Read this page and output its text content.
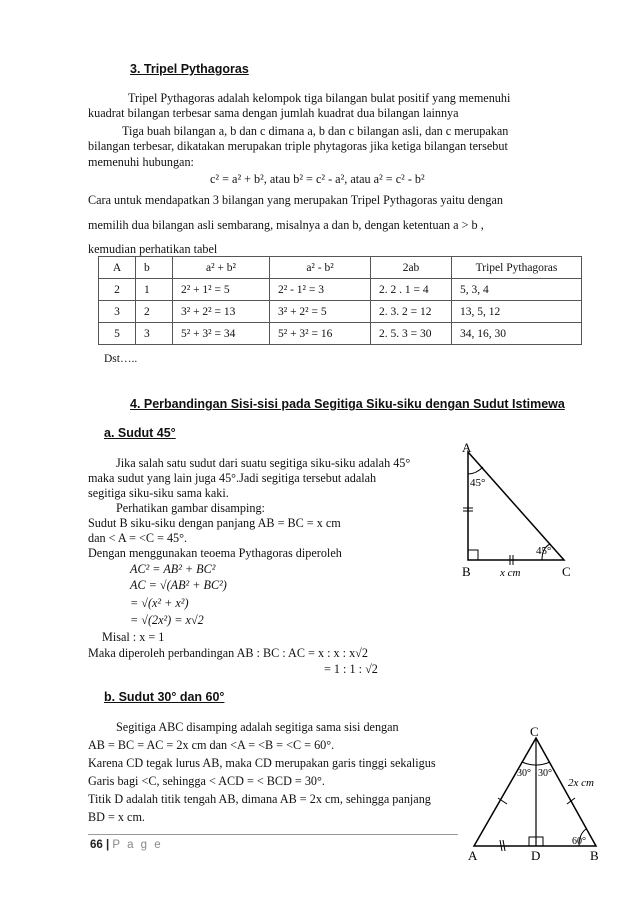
3. Tripel Pythagoras
Tripel Pythagoras adalah kelompok tiga bilangan bulat positif yang memenuhi
kuadrat bilangan terbesar sama dengan jumlah kuadrat dua bilangan lainnya
Tiga buah bilangan a, b dan c dimana a, b dan c bilangan asli, dan c merupakan
bilangan terbesar, dikatakan merupakan triple phytagoras jika ketiga bilangan tersebut
memenuhi hubungan:
c² = a² + b², atau b² = c² - a², atau a² = c² - b²
Cara untuk mendapatkan 3 bilangan yang merupakan Tripel Pythagoras yaitu dengan
memilih dua bilangan asli sembarang, misalnya a dan b, dengan ketentuan a > b ,
kemudian perhatikan tabel
A	b	a² + b²	a² - b²	2ab	Tripel Pythagoras
2	1	2² + 1² = 5	2² - 1² = 3	2. 2 . 1 = 4	5, 3, 4
3	2	3² + 2² = 13	3² + 2² = 5	2. 3. 2 = 12	13, 5, 12
5	3	5² + 3² = 34	5² + 3² = 16	2. 5. 3 = 30	34, 16, 30
Dst…..
4. Perbandingan Sisi-sisi pada Segitiga Siku-siku dengan Sudut Istimewa
a. Sudut 45°
Jika salah satu sudut dari suatu segitiga siku-siku adalah 45°
maka sudut yang lain juga 45°.Jadi segitiga tersebut adalah
segitiga siku-siku sama kaki.
Perhatikan gambar disamping:
Sudut B siku-siku dengan panjang AB = BC = x cm
dan < A = <C = 45°.
Dengan menggunakan teoema Pythagoras diperoleh
AC² = AB² + BC²
AC = √(AB² + BC²)
= √(x² + x²)
= √(2x²) = x√2
Misal : x = 1
Maka diperoleh perbandingan AB : BC : AC = x : x : x√2
= 1 : 1 : √2
A
B	C
45°
45°
x cm
b. Sudut 30° dan 60°
Segitiga ABC disamping adalah segitiga sama sisi dengan
AB = BC = AC = 2x cm dan <A = <B = <C = 60°.
Karena CD tegak lurus AB, maka CD merupakan garis tinggi sekaligus
Garis bagi <C, sehingga < ACD = < BCD = 30°.
Titik D adalah titik tengah AB, dimana AB = 2x cm, sehingga panjang
BD = x cm.
C
A	D	B
30° 30°
60°
2x cm
66 | P a g e
